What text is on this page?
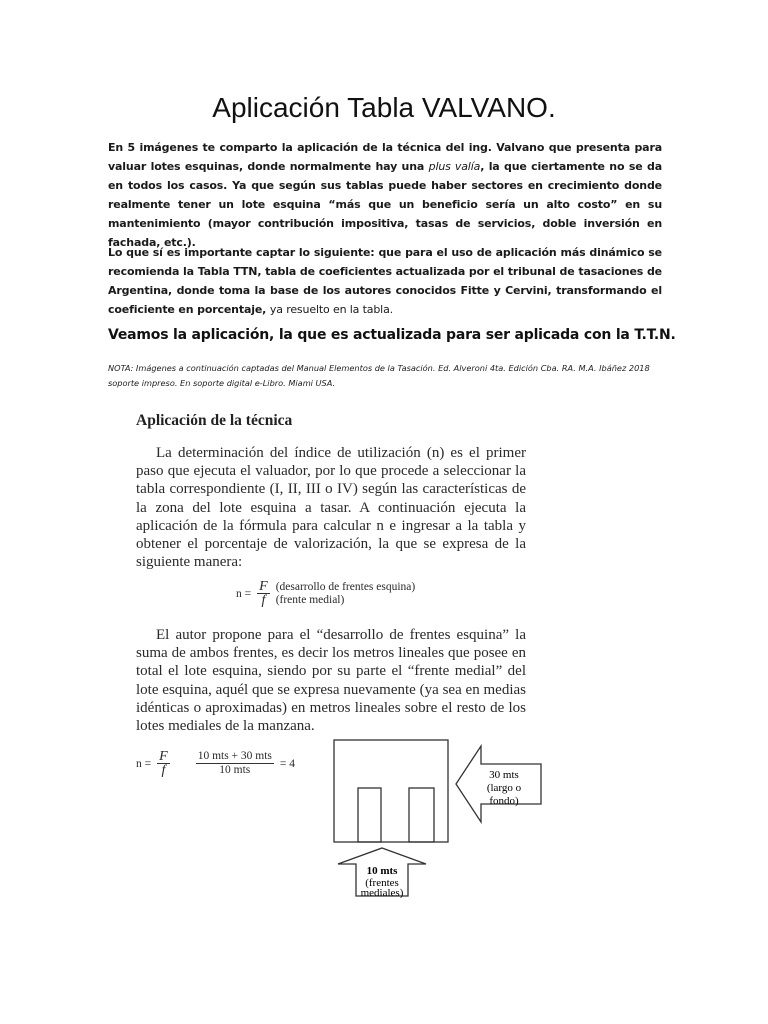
Aplicación Tabla VALVANO.

En 5 imágenes te comparto la aplicación de la técnica del ing. Valvano que presenta para valuar lotes esquinas, donde normalmente hay una plus valía, la que ciertamente no se da en todos los casos. Ya que según sus tablas puede haber sectores en crecimiento donde realmente tener un lote esquina “más que un beneficio sería un alto costo” en su mantenimiento (mayor contribución impositiva, tasas de servicios, doble inversión en fachada, etc.).

Lo que sí es importante captar lo siguiente: que para el uso de aplicación más dinámico se recomienda la Tabla TTN, tabla de coeficientes actualizada por el tribunal de tasaciones de Argentina, donde toma la base de los autores conocidos Fitte y Cervini, transformando el coeficiente en porcentaje, ya resuelto en la tabla.

Veamos la aplicación, la que es actualizada para ser aplicada con la T.T.N.

NOTA: Imágenes a continuación captadas del Manual Elementos de la Tasación. Ed. Alveroni 4ta. Edición Cba. RA. M.A. Ibáñez 2018 soporte impreso. En soporte digital e-Libro. Miami USA.

Aplicación de la técnica

La determinación del índice de utilización (n) es el primer paso que ejecuta el valuador, por lo que procede a seleccionar la tabla correspondiente (I, II, III o IV) según las características de la zona del lote esquina a tasar. A continuación ejecuta la aplicación de la fórmula para calcular n e ingresar a la tabla y obtener el porcentaje de valorización, la que se expresa de la siguiente manera:

$n = \frac{F}{f}$ (desarrollo de frentes esquina)
(frente medial)

El autor propone para el “desarrollo de frentes esquina” la suma de ambos frentes, es decir los metros lineales que posee en total el lote esquina, siendo por su parte el “frente medial” del lote esquina, aquél que se expresa nuevamente (ya sea en medias idénticas o aproximadas) en metros lineales sobre el resto de los lotes mediales de la manzana.

$n = \frac{F}{f} \frac{\text{10 mts + 30 mts}}{\text{10 mts}} = 4$
30 mts
(largo o
fondo)
10 mts
(frentes
mediales)
